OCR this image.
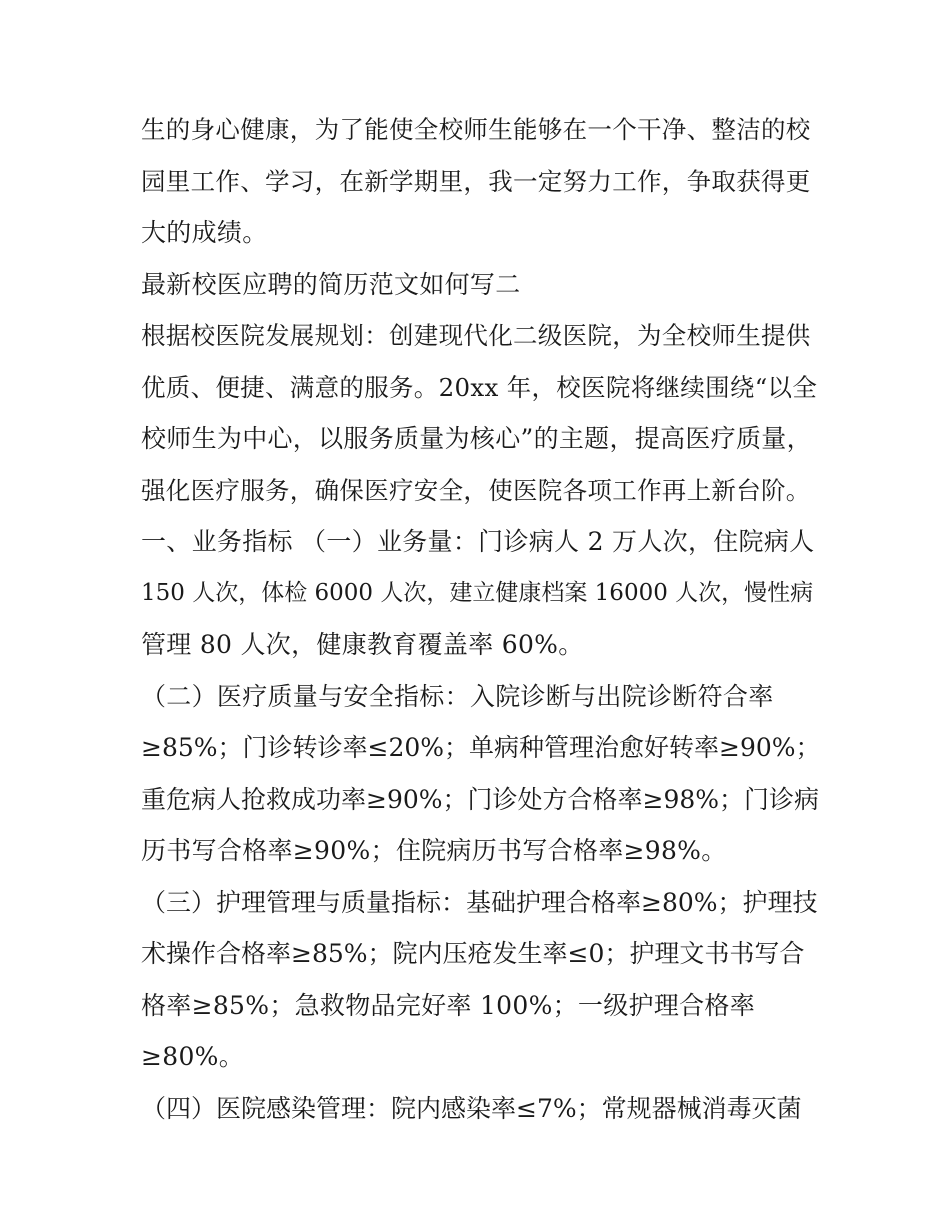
生的身心健康，为了能使全校师生能够在一个干净、整洁的校
园里工作、学习，在新学期里，我一定努力工作，争取获得更
大的成绩。
最新校医应聘的简历范文如何写二
根据校医院发展规划：创建现代化二级医院，为全校师生提供
优质、便捷、满意的服务。20xx 年，校医院将继续围绕“以全
校师生为中心，以服务质量为核心”的主题，提高医疗质量，
强化医疗服务，确保医疗安全，使医院各项工作再上新台阶。
一、业务指标 （一）业务量：门诊病人 2 万人次，住院病人
150 人次，体检 6000 人次，建立健康档案 16000 人次，慢性病
管理 80 人次，健康教育覆盖率 60%。
（二）医疗质量与安全指标：入院诊断与出院诊断符合率
≥85%；门诊转诊率≤20%；单病种管理治愈好转率≥90%；
重危病人抢救成功率≥90%；门诊处方合格率≥98%；门诊病
历书写合格率≥90%；住院病历书写合格率≥98%。
（三）护理管理与质量指标：基础护理合格率≥80%；护理技
术操作合格率≥85%；院内压疮发生率≤0；护理文书书写合
格率≥85%；急救物品完好率 100%；一级护理合格率
≥80%。
（四）医院感染管理：院内感染率≤7%；常规器械消毒灭菌
